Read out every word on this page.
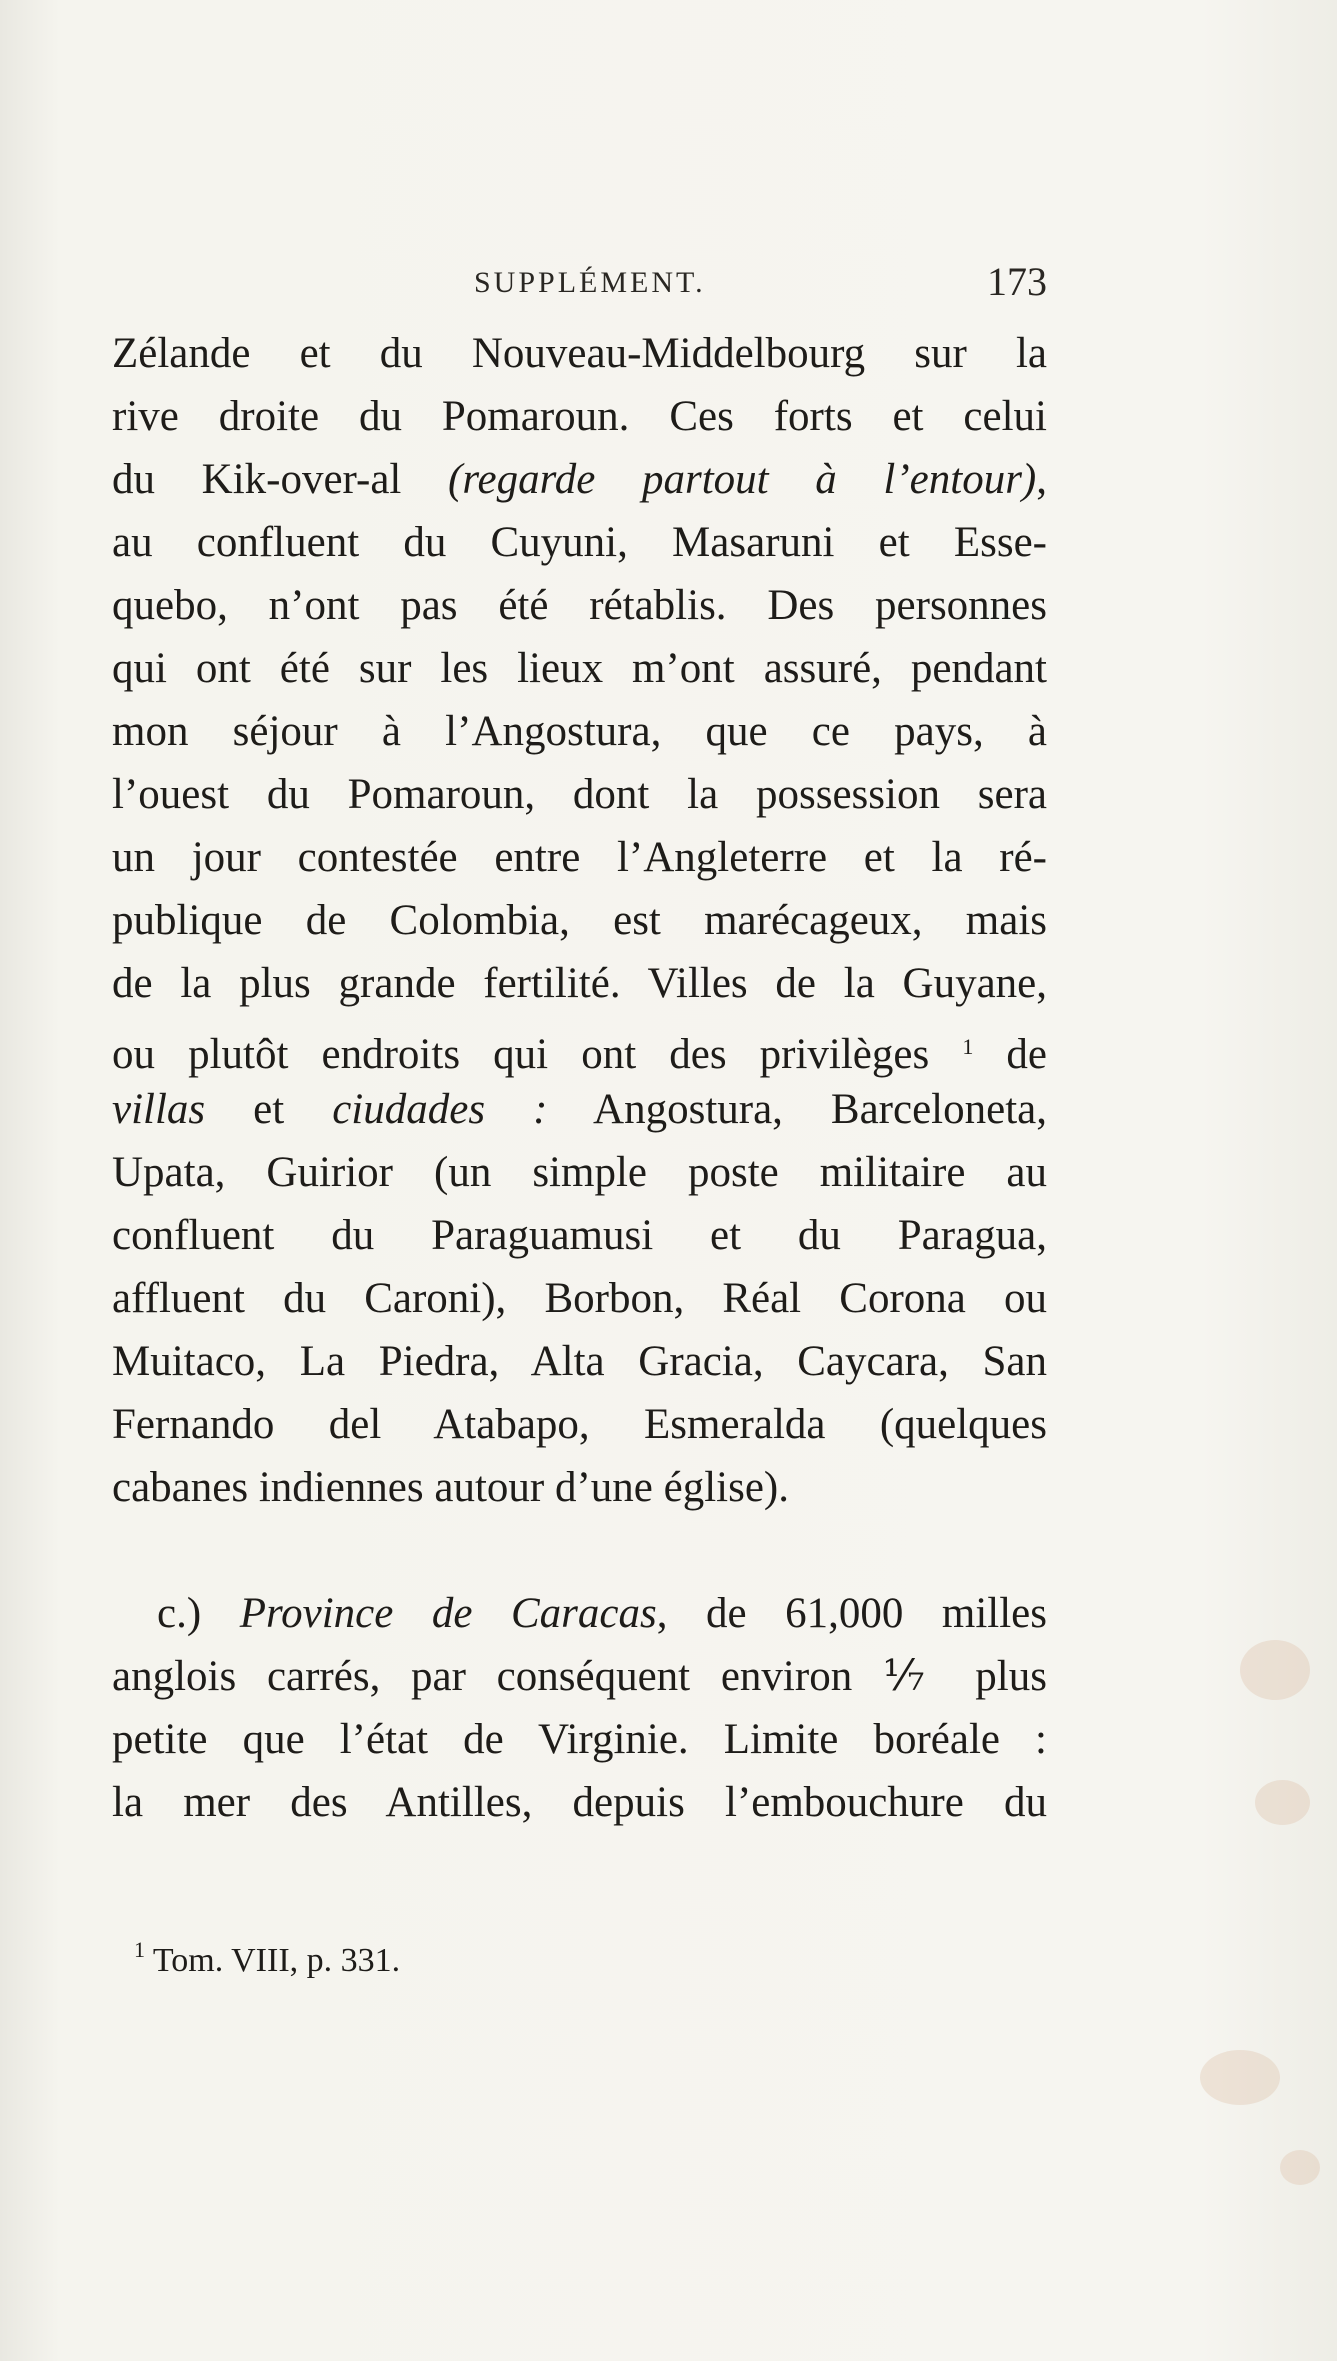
SUPPLÉMENT.	173
Zélande et du Nouveau-Middelbourg sur la
rive droite du Pomaroun. Ces forts et celui
du Kik-over-al (regarde partout à l’entour),
au confluent du Cuyuni, Masaruni et Esse-
quebo, n’ont pas été rétablis. Des personnes
qui ont été sur les lieux m’ont assuré, pendant
mon séjour à l’Angostura, que ce pays, à
l’ouest du Pomaroun, dont la possession sera
un jour contestée entre l’Angleterre et la ré-
publique de Colombia, est marécageux, mais
de la plus grande fertilité. Villes de la Guyane,
ou plutôt endroits qui ont des privilèges $^1$ de
villas et ciudades : Angostura, Barceloneta,
Upata, Guirior (un simple poste militaire au
confluent du Paraguamusi et du Paragua,
affluent du Caroni), Borbon, Réal Corona ou
Muitaco, La Piedra, Alta Gracia, Caycara, San
Fernando del Atabapo, Esmeralda (quelques
cabanes indiennes autour d’une église).
c.) Province de Caracas, de 61,000 milles
anglois carrés, par conséquent environ ⅐ plus
petite que l’état de Virginie. Limite boréale :
la mer des Antilles, depuis l’embouchure du
$^1$ Tom. VIII, p. 331.
